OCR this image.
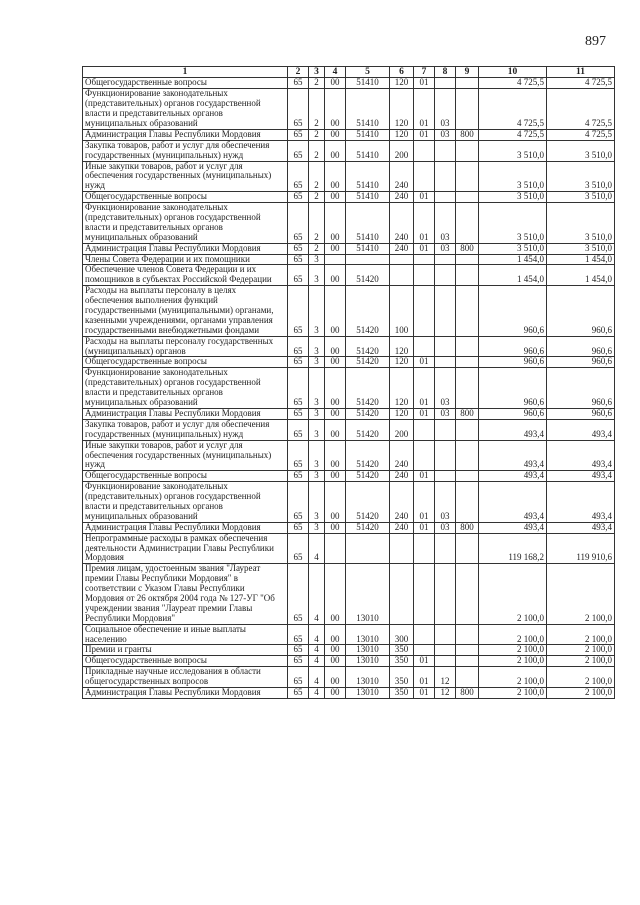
897
1	2	3	4	5	6	7	8	9	10	11
Общегосударственные вопросы	65	2	00	51410	120	01			4 725,5	4 725,5
Функционирование законодательных (представительных) органов государственной власти и представительных органов муниципальных образований	65	2	00	51410	120	01	03		4 725,5	4 725,5
Администрация Главы Республики Мордовия	65	2	00	51410	120	01	03	800	4 725,5	4 725,5
Закупка товаров, работ и услуг для обеспечения государственных (муниципальных) нужд	65	2	00	51410	200				3 510,0	3 510,0
Иные закупки товаров, работ и услуг для обеспечения государственных (муниципальных) нужд	65	2	00	51410	240				3 510,0	3 510,0
Общегосударственные вопросы	65	2	00	51410	240	01			3 510,0	3 510,0
Функционирование законодательных (представительных) органов государственной власти и представительных органов муниципальных образований	65	2	00	51410	240	01	03		3 510,0	3 510,0
Администрация Главы Республики Мордовия	65	2	00	51410	240	01	03	800	3 510,0	3 510,0
Члены Совета Федерации и их помощники	65	3							1 454,0	1 454,0
Обеспечение членов Совета Федерации и их помощников в субъектах Российской Федерации	65	3	00	51420					1 454,0	1 454,0
Расходы на выплаты персоналу в целях обеспечения выполнения функций государственными (муниципальными) органами, казенными учреждениями, органами управления государственными внебюджетными фондами	65	3	00	51420	100				960,6	960,6
Расходы на выплаты персоналу государственных (муниципальных) органов	65	3	00	51420	120				960,6	960,6
Общегосударственные вопросы	65	3	00	51420	120	01			960,6	960,6
Функционирование законодательных (представительных) органов государственной власти и представительных органов муниципальных образований	65	3	00	51420	120	01	03		960,6	960,6
Администрация Главы Республики Мордовия	65	3	00	51420	120	01	03	800	960,6	960,6
Закупка товаров, работ и услуг для обеспечения государственных (муниципальных) нужд	65	3	00	51420	200				493,4	493,4
Иные закупки товаров, работ и услуг для обеспечения государственных (муниципальных) нужд	65	3	00	51420	240				493,4	493,4
Общегосударственные вопросы	65	3	00	51420	240	01			493,4	493,4
Функционирование законодательных (представительных) органов государственной власти и представительных органов муниципальных образований	65	3	00	51420	240	01	03		493,4	493,4
Администрация Главы Республики Мордовия	65	3	00	51420	240	01	03	800	493,4	493,4
Непрограммные расходы в рамках обеспечения деятельности Администрации Главы Республики Мордовия	65	4							119 168,2	119 910,6
Премия лицам, удостоенным звания "Лауреат премии Главы Республики Мордовия" в соответствии с Указом Главы Республики Мордовия от 26 октября 2004 года № 127-УГ "Об учреждении звания "Лауреат премии Главы Республики Мордовия"	65	4	00	13010					2 100,0	2 100,0
Социальное обеспечение и иные выплаты населению	65	4	00	13010	300				2 100,0	2 100,0
Премии и гранты	65	4	00	13010	350				2 100,0	2 100,0
Общегосударственные вопросы	65	4	00	13010	350	01			2 100,0	2 100,0
Прикладные научные исследования в области общегосударственных вопросов	65	4	00	13010	350	01	12		2 100,0	2 100,0
Администрация Главы Республики Мордовия	65	4	00	13010	350	01	12	800	2 100,0	2 100,0
